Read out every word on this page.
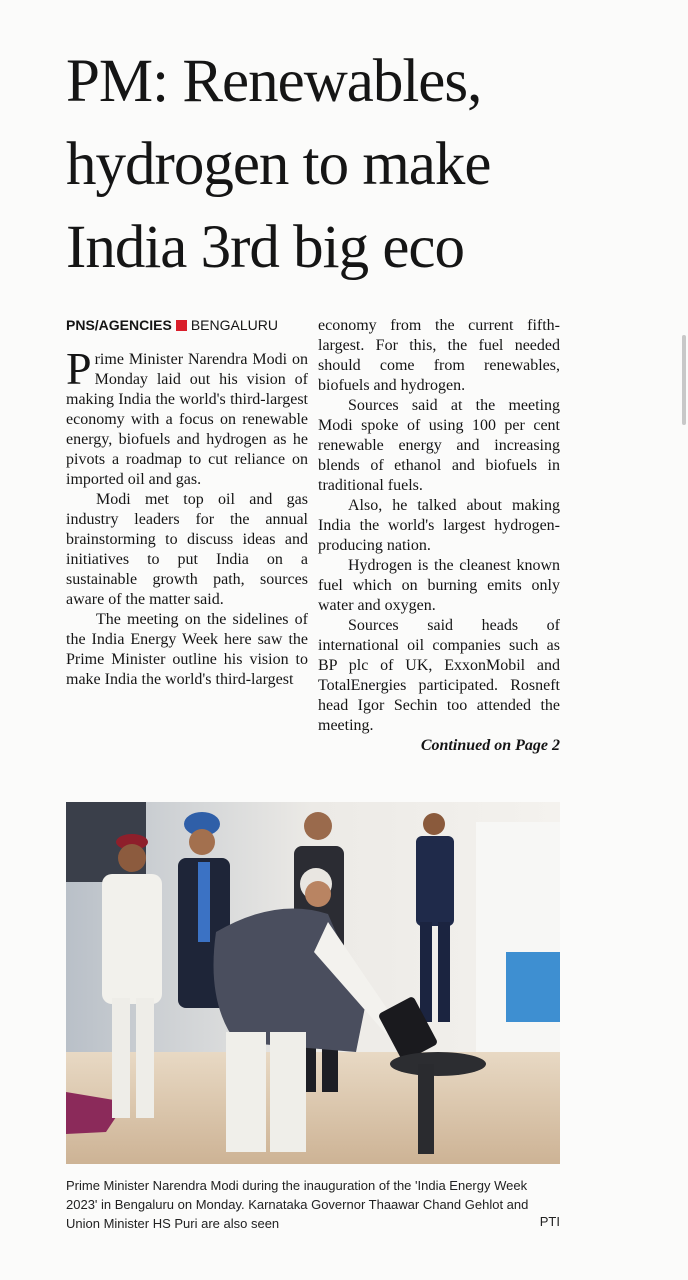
PM: Renewables,
hydrogen to make
India 3rd big eco
PNS/AGENCIES BENGALURU

Prime Minister Narendra Modi on Monday laid out his vision of making India the world's third-largest economy with a focus on renewable energy, biofuels and hydrogen as he pivots a roadmap to cut reliance on imported oil and gas.

Modi met top oil and gas industry leaders for the annual brainstorming to discuss ideas and initiatives to put India on a sustainable growth path, sources aware of the matter said.

The meeting on the sidelines of the India Energy Week here saw the Prime Minister outline his vision to make India the world's third-largest

economy from the current fifth-largest. For this, the fuel needed should come from renewables, biofuels and hydrogen.

Sources said at the meeting Modi spoke of using 100 per cent renewable energy and increasing blends of ethanol and biofuels in traditional fuels.

Also, he talked about making India the world's largest hydrogen-producing nation.

Hydrogen is the cleanest known fuel which on burning emits only water and oxygen.

Sources said heads of international oil companies such as BP plc of UK, ExxonMobil and TotalEnergies participated. Rosneft head Igor Sechin too attended the meeting.

Continued on Page 2

Prime Minister Narendra Modi during the inauguration of the 'India Energy Week 2023' in Bengaluru on Monday. Karnataka Governor Thaawar Chand Gehlot and Union Minister HS Puri are also seen	PTI
